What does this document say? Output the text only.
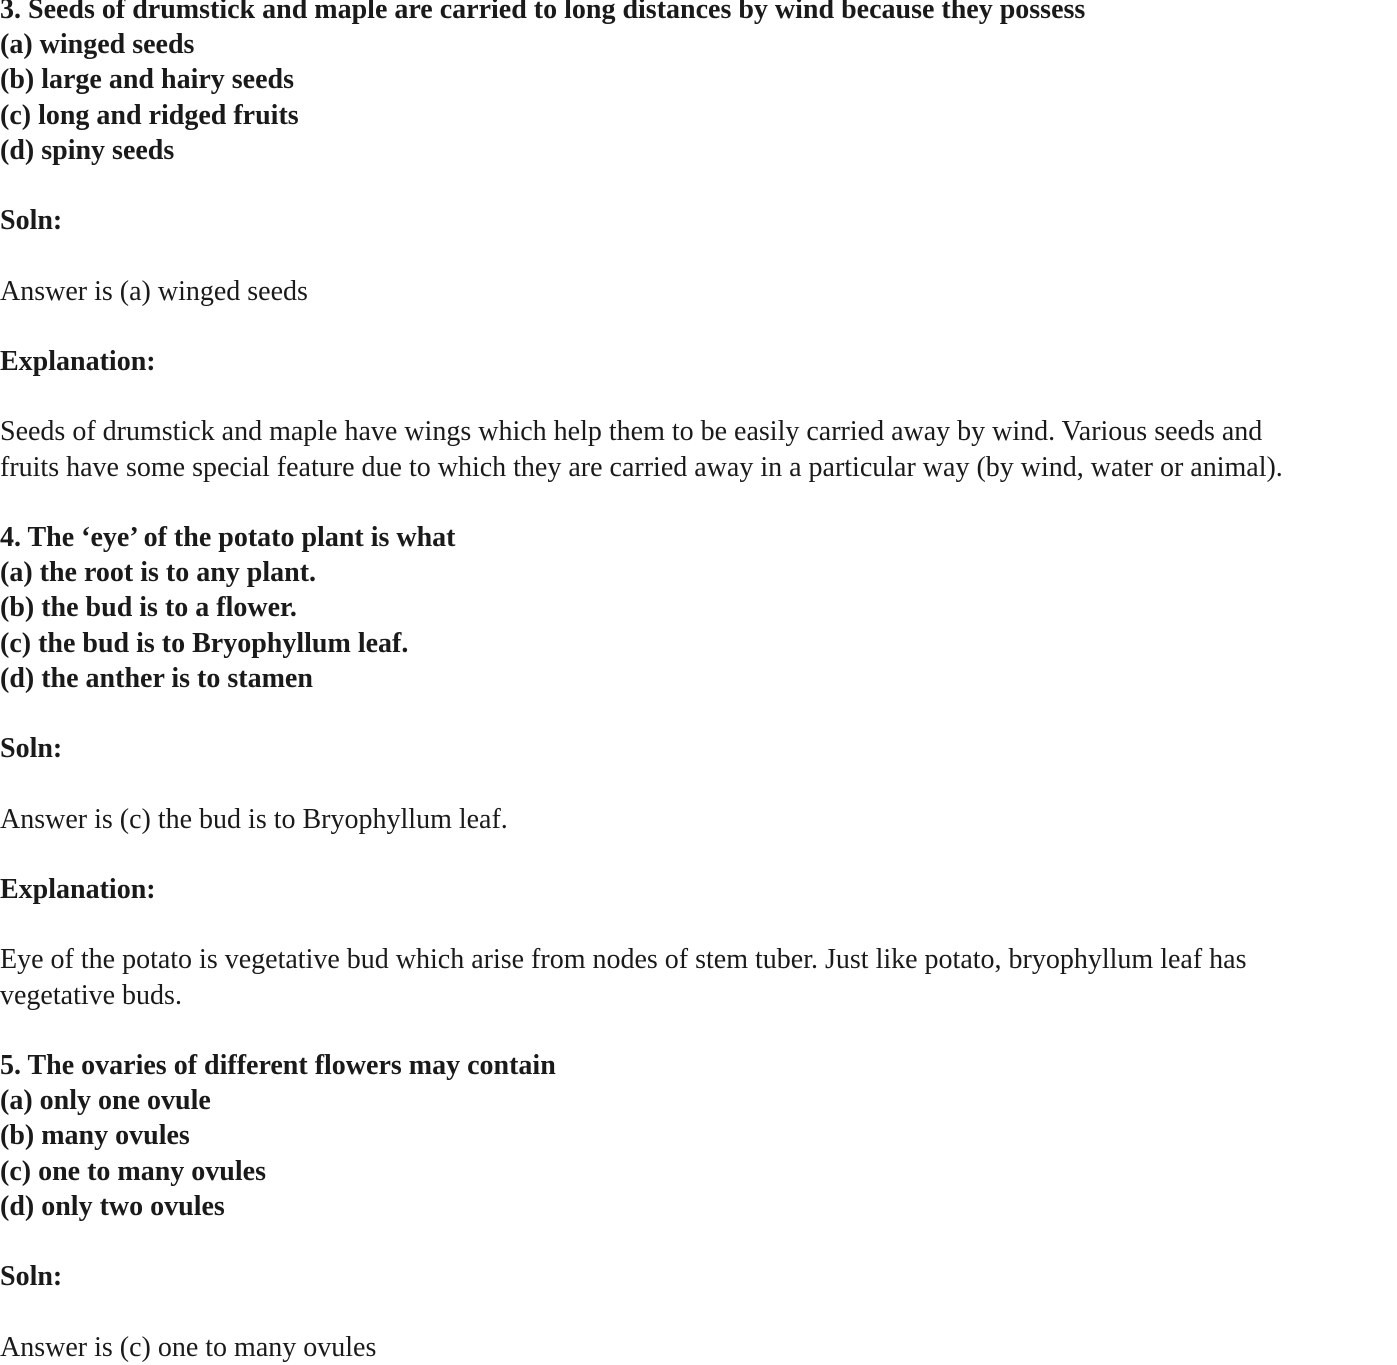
3. Seeds of drumstick and maple are carried to long distances by wind because they possess
(a) winged seeds
(b) large and hairy seeds
(c) long and ridged fruits
(d) spiny seeds
Soln:
Answer is (a) winged seeds
Explanation:
Seeds of drumstick and maple have wings which help them to be easily carried away by wind. Various seeds and
fruits have some special feature due to which they are carried away in a particular way (by wind, water or animal).
4. The ‘eye’ of the potato plant is what
(a) the root is to any plant.
(b) the bud is to a flower.
(c) the bud is to Bryophyllum leaf.
(d) the anther is to stamen
Soln:
Answer is (c) the bud is to Bryophyllum leaf.
Explanation:
Eye of the potato is vegetative bud which arise from nodes of stem tuber. Just like potato, bryophyllum leaf has
vegetative buds.
5. The ovaries of different flowers may contain
(a) only one ovule
(b) many ovules
(c) one to many ovules
(d) only two ovules
Soln:
Answer is (c) one to many ovules
